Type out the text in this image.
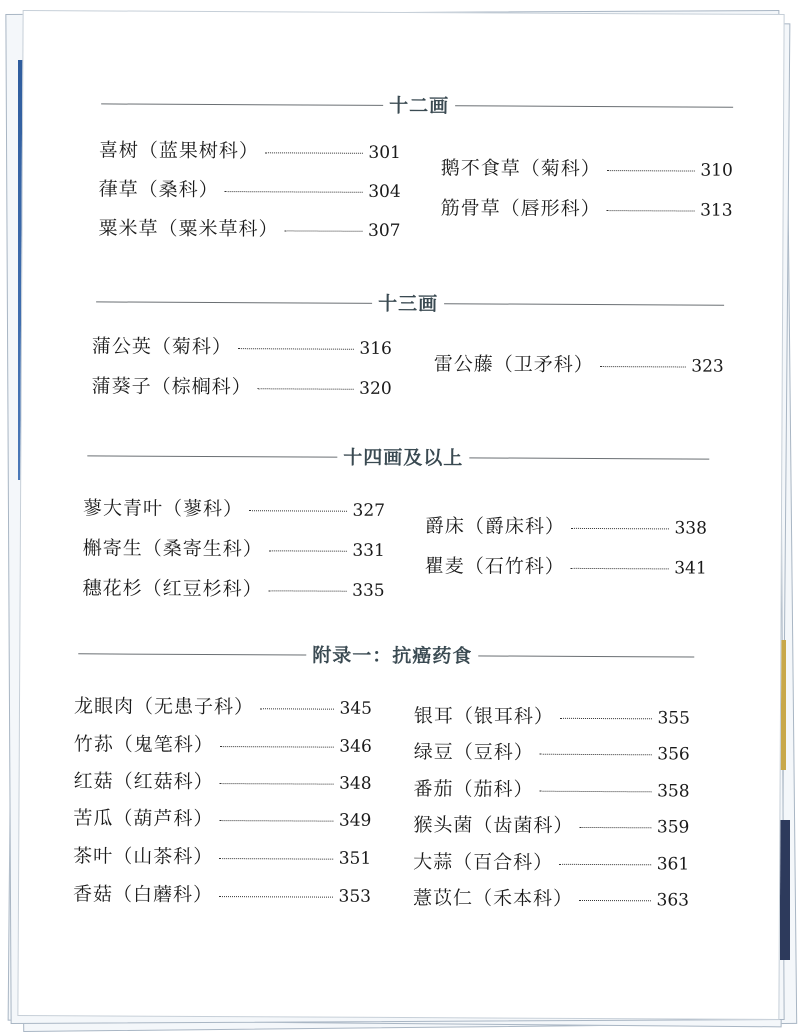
十二画
喜树 （蓝果树科）	301
葎草 （桑科）	304
粟米草 （粟米草科）	307
鹅不食草 （菊科）	310
筋骨草 （唇形科）	313
十三画
蒲公英 （菊科）	316
蒲葵子 （棕榈科）	320
雷公藤 （卫矛科）	323
十四画及以上
蓼大青叶 （蓼科）	327
槲寄生 （桑寄生科）	331
穗花杉 （红豆杉科）	335
爵床 （爵床科）	338
瞿麦 （石竹科）	341
附录一：抗癌药食
龙眼肉 （无患子科）	345
竹荪 （鬼笔科）	346
红菇 （红菇科）	348
苦瓜 （葫芦科）	349
茶叶 （山茶科）	351
香菇 （白蘑科）	353
银耳 （银耳科）	355
绿豆 （豆科）	356
番茄 （茄科）	358
猴头菌 （齿菌科）	359
大蒜 （百合科）	361
薏苡仁 （禾本科）	363
